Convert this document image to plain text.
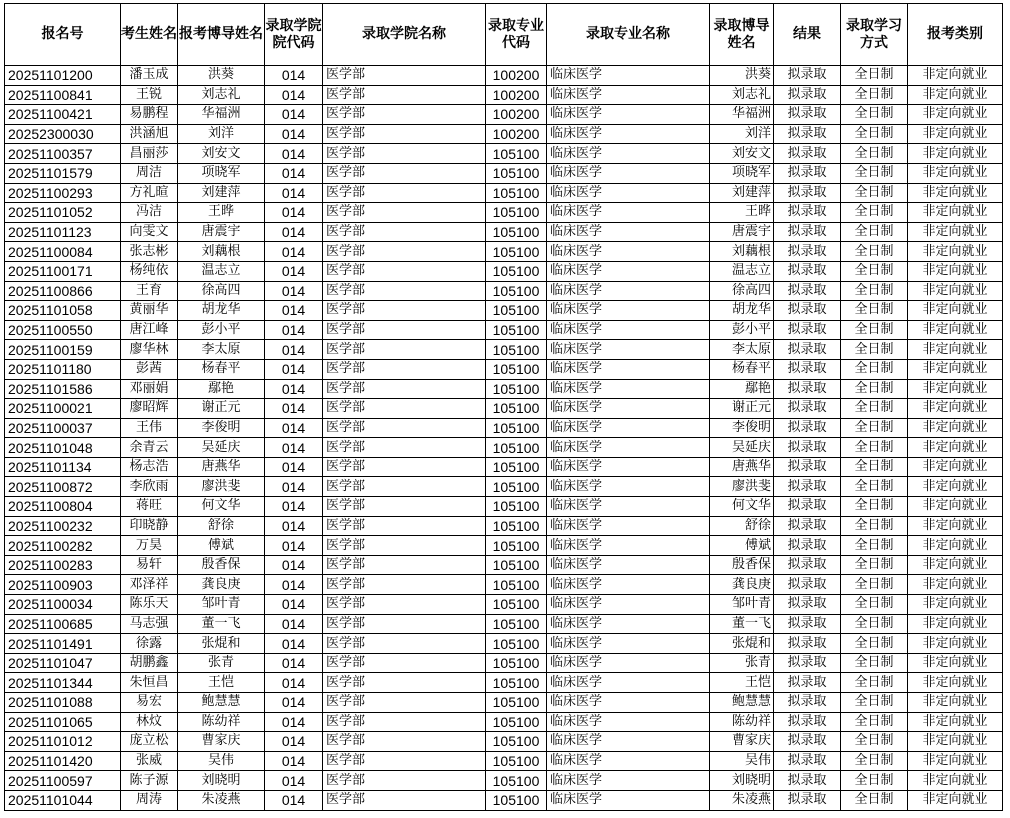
报名号	考生姓名	报考博导姓名	录取学院院代码	录取学院名称	录取专业代码	录取专业名称	录取博导姓名	结果	录取学习方式	报考类别
20251101200	潘玉成	洪葵	014	医学部	100200	临床医学	洪葵	拟录取	全日制	非定向就业
20251100841	王锐	刘志礼	014	医学部	100200	临床医学	刘志礼	拟录取	全日制	非定向就业
20251100421	易鹏程	华福洲	014	医学部	100200	临床医学	华福洲	拟录取	全日制	非定向就业
20252300030	洪涵旭	刘洋	014	医学部	100200	临床医学	刘洋	拟录取	全日制	非定向就业
20251100357	昌丽莎	刘安文	014	医学部	105100	临床医学	刘安文	拟录取	全日制	非定向就业
20251101579	周洁	项晓军	014	医学部	105100	临床医学	项晓军	拟录取	全日制	非定向就业
20251100293	方礼暄	刘建萍	014	医学部	105100	临床医学	刘建萍	拟录取	全日制	非定向就业
20251101052	冯洁	王晔	014	医学部	105100	临床医学	王晔	拟录取	全日制	非定向就业
20251101123	向雯文	唐震宇	014	医学部	105100	临床医学	唐震宇	拟录取	全日制	非定向就业
20251100084	张志彬	刘藕根	014	医学部	105100	临床医学	刘藕根	拟录取	全日制	非定向就业
20251100171	杨纯依	温志立	014	医学部	105100	临床医学	温志立	拟录取	全日制	非定向就业
20251100866	王育	徐高四	014	医学部	105100	临床医学	徐高四	拟录取	全日制	非定向就业
20251101058	黄丽华	胡龙华	014	医学部	105100	临床医学	胡龙华	拟录取	全日制	非定向就业
20251100550	唐江峰	彭小平	014	医学部	105100	临床医学	彭小平	拟录取	全日制	非定向就业
20251100159	廖华林	李太原	014	医学部	105100	临床医学	李太原	拟录取	全日制	非定向就业
20251101180	彭茜	杨春平	014	医学部	105100	临床医学	杨春平	拟录取	全日制	非定向就业
20251101586	邓丽娟	鄢艳	014	医学部	105100	临床医学	鄢艳	拟录取	全日制	非定向就业
20251100021	廖昭辉	谢正元	014	医学部	105100	临床医学	谢正元	拟录取	全日制	非定向就业
20251100037	王伟	李俊明	014	医学部	105100	临床医学	李俊明	拟录取	全日制	非定向就业
20251101048	余青云	吴延庆	014	医学部	105100	临床医学	吴延庆	拟录取	全日制	非定向就业
20251101134	杨志浩	唐燕华	014	医学部	105100	临床医学	唐燕华	拟录取	全日制	非定向就业
20251100872	李欣雨	廖洪斐	014	医学部	105100	临床医学	廖洪斐	拟录取	全日制	非定向就业
20251100804	蒋旺	何文华	014	医学部	105100	临床医学	何文华	拟录取	全日制	非定向就业
20251100232	印晓静	舒徐	014	医学部	105100	临床医学	舒徐	拟录取	全日制	非定向就业
20251100282	万昊	傅斌	014	医学部	105100	临床医学	傅斌	拟录取	全日制	非定向就业
20251100283	易轩	殷香保	014	医学部	105100	临床医学	殷香保	拟录取	全日制	非定向就业
20251100903	邓泽祥	龚良庚	014	医学部	105100	临床医学	龚良庚	拟录取	全日制	非定向就业
20251100034	陈乐天	邹叶青	014	医学部	105100	临床医学	邹叶青	拟录取	全日制	非定向就业
20251100685	马志强	董一飞	014	医学部	105100	临床医学	董一飞	拟录取	全日制	非定向就业
20251101491	徐露	张焜和	014	医学部	105100	临床医学	张焜和	拟录取	全日制	非定向就业
20251101047	胡鹏鑫	张青	014	医学部	105100	临床医学	张青	拟录取	全日制	非定向就业
20251101344	朱恒昌	王恺	014	医学部	105100	临床医学	王恺	拟录取	全日制	非定向就业
20251101088	易宏	鲍慧慧	014	医学部	105100	临床医学	鲍慧慧	拟录取	全日制	非定向就业
20251101065	林炆	陈幼祥	014	医学部	105100	临床医学	陈幼祥	拟录取	全日制	非定向就业
20251101012	庞立松	曹家庆	014	医学部	105100	临床医学	曹家庆	拟录取	全日制	非定向就业
20251101420	张威	吴伟	014	医学部	105100	临床医学	吴伟	拟录取	全日制	非定向就业
20251100597	陈子源	刘晓明	014	医学部	105100	临床医学	刘晓明	拟录取	全日制	非定向就业
20251101044	周涛	朱凌燕	014	医学部	105100	临床医学	朱凌燕	拟录取	全日制	非定向就业
